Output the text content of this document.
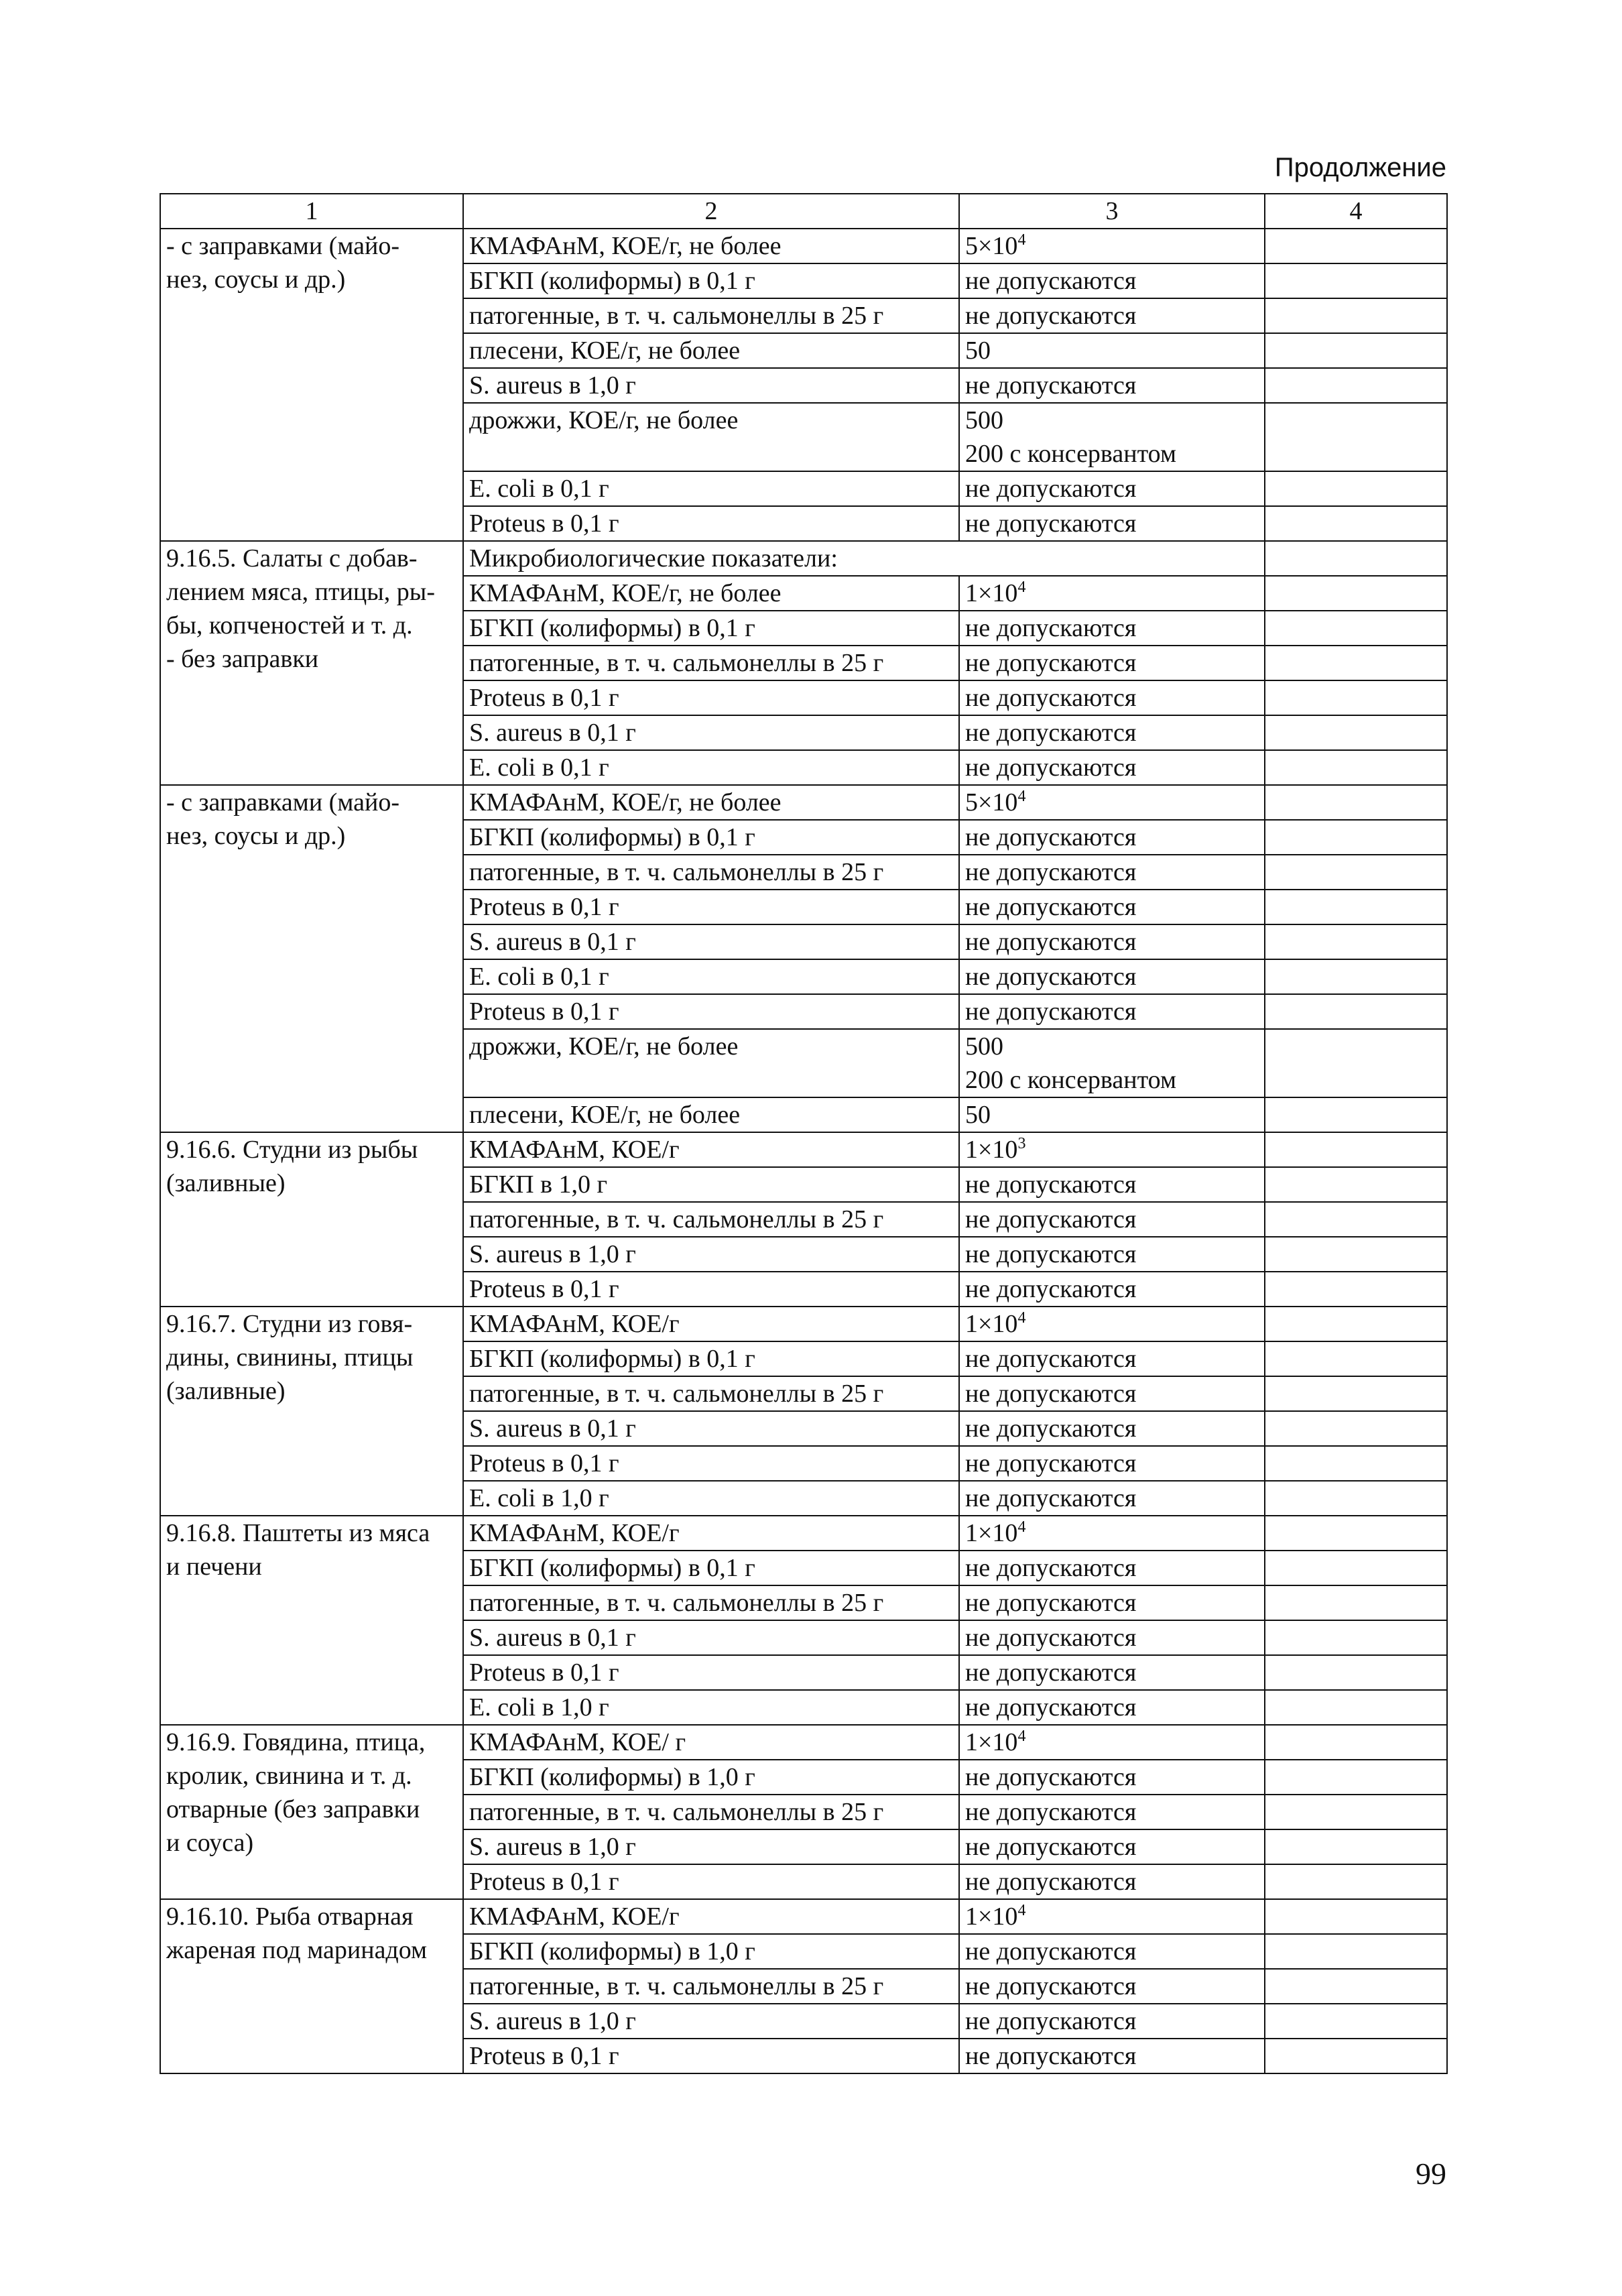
Продолжение
1	2	3	4
- с заправками (майо-
нез, соусы и др.)	КМАФАнМ, КОЕ/г, не более	$5\times 10^4$	
	БГКП (колиформы) в 0,1 г	не допускаются	
	патогенные, в т. ч. сальмонеллы в 25 г	не допускаются	
	плесени, КОЕ/г, не более	50	
	S. aureus в 1,0 г	не допускаются	
	дрожжи, КОЕ/г, не более	500
200 с консервантом	
	E. coli в 0,1 г	не допускаются	
	Proteus в 0,1 г	не допускаются	
9.16.5. Салаты с добав-
лением мяса, птицы, ры-
бы, копченостей и т. д.
- без заправки	Микробиологические показатели:		
	КМАФАнМ, КОЕ/г, не более	$1\times 10^4$	
	БГКП (колиформы) в 0,1 г	не допускаются	
	патогенные, в т. ч. сальмонеллы в 25 г	не допускаются	
	Proteus в 0,1 г	не допускаются	
	S. aureus в 0,1 г	не допускаются	
	E. coli в 0,1 г	не допускаются	
- с заправками (майо-
нез, соусы и др.)	КМАФАнМ, КОЕ/г, не более	$5\times 10^4$	
	БГКП (колиформы) в 0,1 г	не допускаются	
	патогенные, в т. ч. сальмонеллы в 25 г	не допускаются	
	Proteus в 0,1 г	не допускаются	
	S. aureus в 0,1 г	не допускаются	
	E. coli в 0,1 г	не допускаются	
	Proteus в 0,1 г	не допускаются	
	дрожжи, КОЕ/г, не более	500
200 с консервантом	
	плесени, КОЕ/г, не более	50	
9.16.6. Студни из рыбы
(заливные)	КМАФАнМ, КОЕ/г	$1\times 10^3$	
	БГКП в 1,0 г	не допускаются	
	патогенные, в т. ч. сальмонеллы в 25 г	не допускаются	
	S. aureus в 1,0 г	не допускаются	
	Proteus в 0,1 г	не допускаются	
9.16.7. Студни из говя-
дины, свинины, птицы
(заливные)	КМАФАнМ, КОЕ/г	$1\times 10^4$	
	БГКП (колиформы) в 0,1 г	не допускаются	
	патогенные, в т. ч. сальмонеллы в 25 г	не допускаются	
	S. aureus в 0,1 г	не допускаются	
	Proteus в 0,1 г	не допускаются	
	E. coli в 1,0 г	не допускаются	
9.16.8. Паштеты из мяса
и печени	КМАФАнМ, КОЕ/г	$1\times 10^4$	
	БГКП (колиформы) в 0,1 г	не допускаются	
	патогенные, в т. ч. сальмонеллы в 25 г	не допускаются	
	S. aureus в 0,1 г	не допускаются	
	Proteus в 0,1 г	не допускаются	
	E. coli в 1,0 г	не допускаются	
9.16.9. Говядина, птица,
кролик, свинина и т. д.
отварные (без заправки
и соуса)	КМАФАнМ, КОЕ/ г	$1\times 10^4$	
	БГКП (колиформы) в 1,0 г	не допускаются	
	патогенные, в т. ч. сальмонеллы в 25 г	не допускаются	
	S. aureus в 1,0 г	не допускаются	
	Proteus в 0,1 г	не допускаются	
9.16.10. Рыба отварная
жареная под маринадом	КМАФАнМ, КОЕ/г	$1\times 10^4$	
	БГКП (колиформы) в 1,0 г	не допускаются	
	патогенные, в т. ч. сальмонеллы в 25 г	не допускаются	
	S. aureus в 1,0 г	не допускаются	
	Proteus в 0,1 г	не допускаются	
99
